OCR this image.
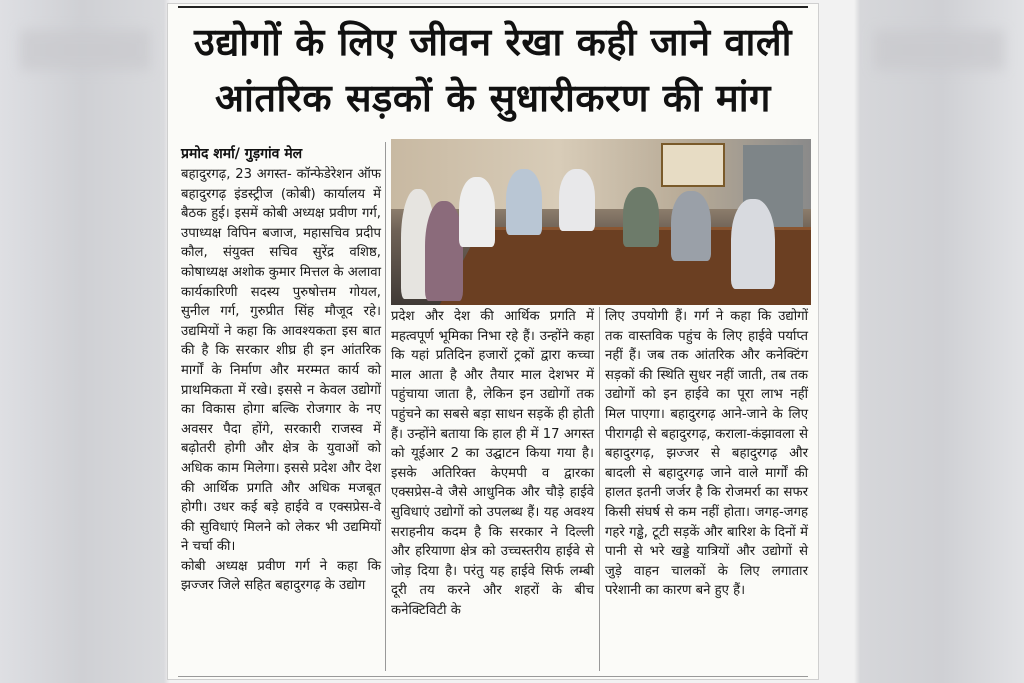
उद्योगों के लिए जीवन रेखा कही जाने वाली
आंतरिक सड़कों के सुधारीकरण की मांग
प्रमोद शर्मा/ गुड़गांव मेल

बहादुरगढ़, 23 अगस्त- कॉन्फेडेरेशन ऑफ बहादुरगढ़ इंडस्ट्रीज (कोबी) कार्यालय में बैठक हुई। इसमें कोबी अध्यक्ष प्रवीण गर्ग, उपाध्यक्ष विपिन बजाज, महासचिव प्रदीप कौल, संयुक्त सचिव सुरेंद्र वशिष्ठ, कोषाध्यक्ष अशोक कुमार मित्तल के अलावा कार्यकारिणी सदस्य पुरुषोत्तम गोयल, सुनील गर्ग, गुरुप्रीत सिंह मौजूद रहे। उद्यमियों ने कहा कि आवश्यकता इस बात की है कि सरकार शीघ्र ही इन आंतरिक मार्गों के निर्माण और मरम्मत कार्य को प्राथमिकता में रखे। इससे न केवल उद्योगों का विकास होगा बल्कि रोजगार के नए अवसर पैदा होंगे, सरकारी राजस्व में बढ़ोतरी होगी और क्षेत्र के युवाओं को अधिक काम मिलेगा। इससे प्रदेश और देश की आर्थिक प्रगति और अधिक मजबूत होगी। उधर कई बड़े हाईवे व एक्सप्रेस-वे की सुविधाएं मिलने को लेकर भी उद्यमियों ने चर्चा की।

कोबी अध्यक्ष प्रवीण गर्ग ने कहा कि झज्जर जिले सहित बहादुरगढ़ के उद्योग

प्रदेश और देश की आर्थिक प्रगति में महत्वपूर्ण भूमिका निभा रहे हैं। उन्होंने कहा कि यहां प्रतिदिन हजारों ट्रकों द्वारा कच्चा माल आता है और तैयार माल देशभर में पहुंचाया जाता है, लेकिन इन उद्योगों तक पहुंचने का सबसे बड़ा साधन सड़कें ही होती हैं। उन्होंने बताया कि हाल ही में 17 अगस्त को यूईआर 2 का उद्घाटन किया गया है। इसके अतिरिक्त केएमपी व द्वारका एक्सप्रेस-वे जैसे आधुनिक और चौड़े हाईवे सुविधाएं उद्योगों को उपलब्ध हैं। यह अवश्य सराहनीय कदम है कि सरकार ने दिल्ली और हरियाणा क्षेत्र को उच्चस्तरीय हाईवे से जोड़ दिया है। परंतु यह हाईवे सिर्फ लम्बी दूरी तय करने और शहरों के बीच कनेक्टिविटी के

लिए उपयोगी हैं। गर्ग ने कहा कि उद्योगों तक वास्तविक पहुंच के लिए हाईवे पर्याप्त नहीं हैं। जब तक आंतरिक और कनेक्टिंग सड़कों की स्थिति सुधर नहीं जाती, तब तक उद्योगों को इन हाईवे का पूरा लाभ नहीं मिल पाएगा। बहादुरगढ़ आने-जाने के लिए पीरागढ़ी से बहादुरगढ़, कराला-कंझावला से बहादुरगढ़, झज्जर से बहादुरगढ़ और बादली से बहादुरगढ़ जाने वाले मार्गों की हालत इतनी जर्जर है कि रोजमर्रा का सफर किसी संघर्ष से कम नहीं होता। जगह-जगह गहरे गड्ढे, टूटी सड़कें और बारिश के दिनों में पानी से भरे खड्डे यात्रियों और उद्योगों से जुड़े वाहन चालकों के लिए लगातार परेशानी का कारण बने हुए हैं।
